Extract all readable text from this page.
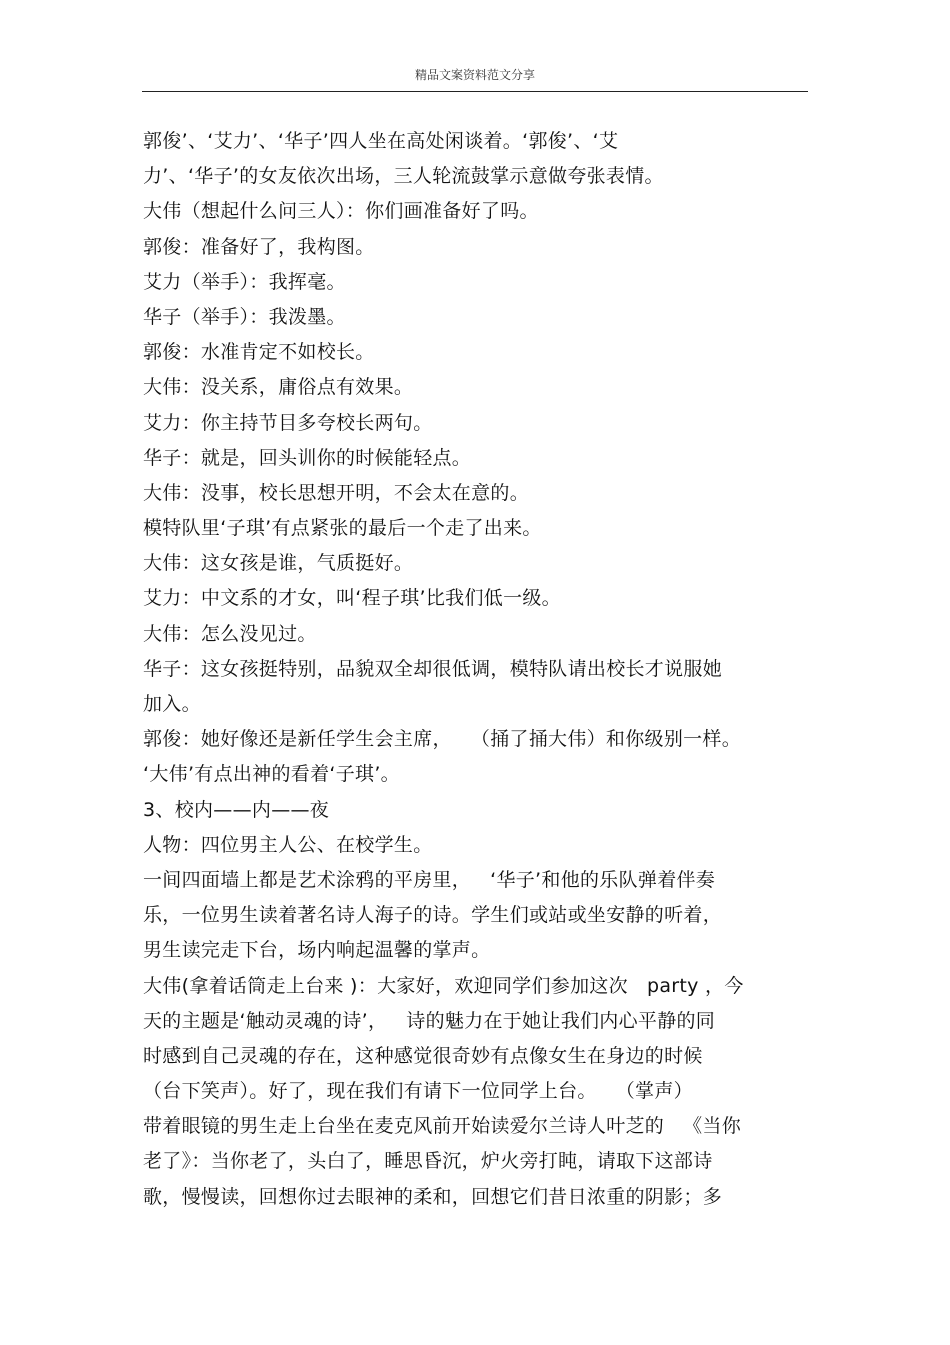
精品文案资料范文分享
郭俊’、‘艾力’、‘华子’四人坐在高处闲谈着。‘郭俊’、‘艾
力’、‘华子’的女友依次出场，三人轮流鼓掌示意做夸张表情。
大伟（想起什么问三人）：你们画准备好了吗。
郭俊：准备好了，我构图。
艾力（举手）：我挥毫。
华子（举手）：我泼墨。
郭俊：水准肯定不如校长。
大伟：没关系，庸俗点有效果。
艾力：你主持节目多夸校长两句。
华子：就是，回头训你的时候能轻点。
大伟：没事，校长思想开明，不会太在意的。
模特队里‘子琪’有点紧张的最后一个走了出来。
大伟：这女孩是谁，气质挺好。
艾力：中文系的才女，叫‘程子琪’比我们低一级。
大伟：怎么没见过。
华子：这女孩挺特别，品貌双全却很低调，模特队请出校长才说服她
加入。
郭俊：她好像还是新任学生会主席，   （捅了捅大伟）和你级别一样。
‘大伟’有点出神的看着‘子琪’。
3、校内——内——夜
人物：四位男主人公、在校学生。
一间四面墙上都是艺术涂鸦的平房里，   ‘华子’和他的乐队弹着伴奏
乐，一位男生读着著名诗人海子的诗。学生们或站或坐安静的听着，
男生读完走下台，场内响起温馨的掌声。
大伟(拿着话筒走上台来 )：大家好，欢迎同学们参加这次   party ，今
天的主题是‘触动灵魂的诗’，   诗的魅力在于她让我们内心平静的同
时感到自己灵魂的存在，这种感觉很奇妙有点像女生在身边的时候
（台下笑声）。好了，现在我们有请下一位同学上台。   （掌声）
带着眼镜的男生走上台坐在麦克风前开始读爱尔兰诗人叶芝的   《当你
老了》：当你老了，头白了，睡思昏沉，炉火旁打盹，请取下这部诗
歌，慢慢读，回想你过去眼神的柔和，回想它们昔日浓重的阴影；多
